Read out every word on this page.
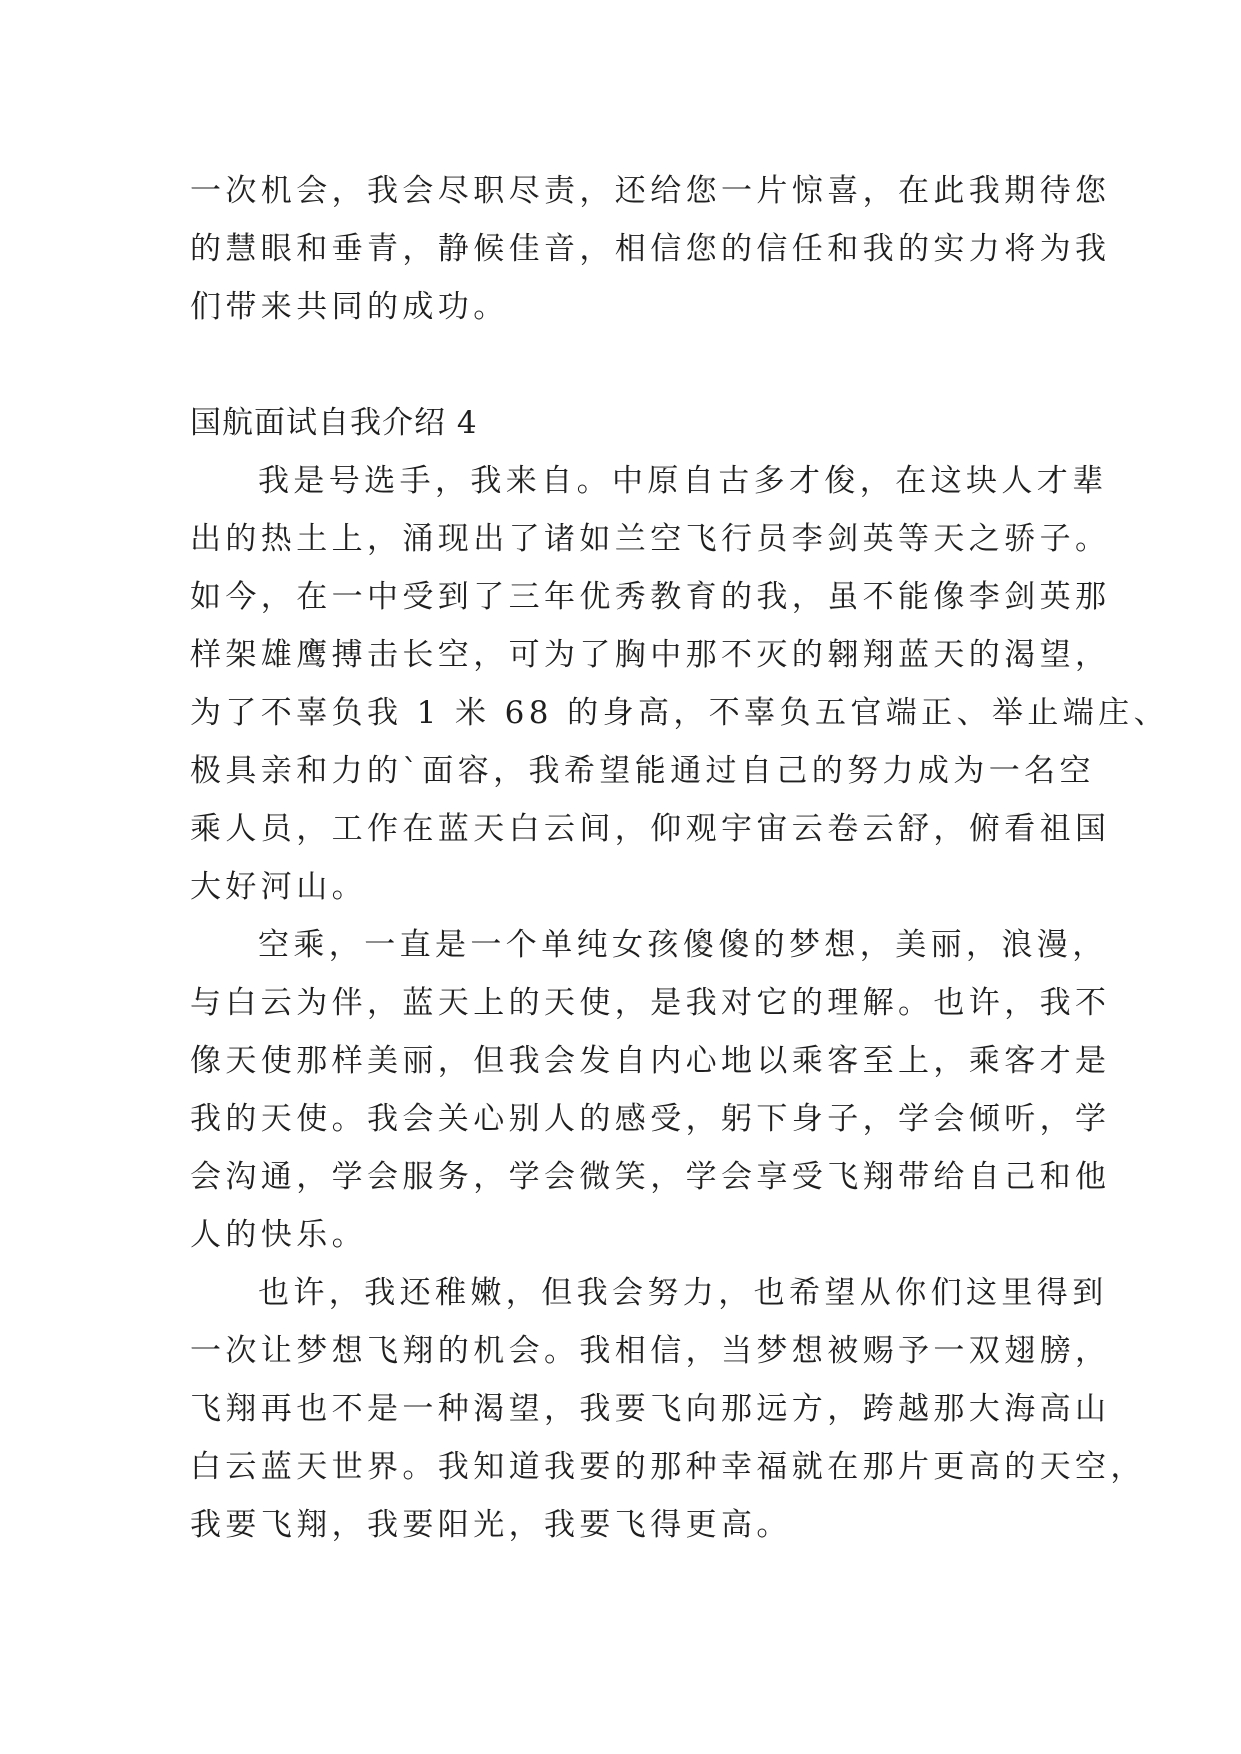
一次机会，我会尽职尽责，还给您一片惊喜，在此我期待您
的慧眼和垂青，静候佳音，相信您的信任和我的实力将为我
们带来共同的成功。
国航面试自我介绍 4
我是号选手，我来自。中原自古多才俊，在这块人才辈
出的热土上，涌现出了诸如兰空飞行员李剑英等天之骄子。
如今，在一中受到了三年优秀教育的我，虽不能像李剑英那
样架雄鹰搏击长空，可为了胸中那不灭的翱翔蓝天的渴望，
为了不辜负我 1 米 68 的身高，不辜负五官端正、举止端庄、
极具亲和力的`面容，我希望能通过自己的努力成为一名空
乘人员，工作在蓝天白云间，仰观宇宙云卷云舒，俯看祖国
大好河山。
空乘，一直是一个单纯女孩傻傻的梦想，美丽，浪漫，
与白云为伴，蓝天上的天使，是我对它的理解。也许，我不
像天使那样美丽，但我会发自内心地以乘客至上，乘客才是
我的天使。我会关心别人的感受，躬下身子，学会倾听，学
会沟通，学会服务，学会微笑，学会享受飞翔带给自己和他
人的快乐。
也许，我还稚嫩，但我会努力，也希望从你们这里得到
一次让梦想飞翔的机会。我相信，当梦想被赐予一双翅膀，
飞翔再也不是一种渴望，我要飞向那远方，跨越那大海高山
白云蓝天世界。我知道我要的那种幸福就在那片更高的天空，
我要飞翔，我要阳光，我要飞得更高。
